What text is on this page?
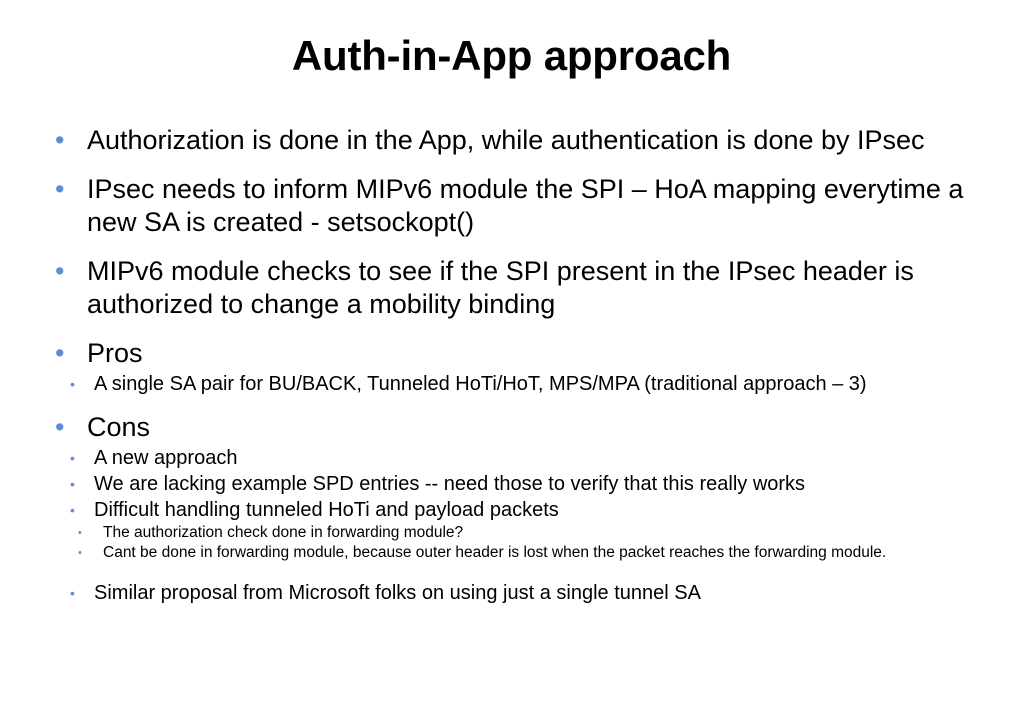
Auth-in-App approach
• Authorization is done in the App, while authentication is done by IPsec
• IPsec needs to inform MIPv6 module the SPI – HoA mapping everytime a new SA is created - setsockopt()
• MIPv6 module checks to see if the SPI present in the IPsec header is authorized to change a mobility binding
• Pros
• A single SA pair for BU/BACK, Tunneled HoTi/HoT, MPS/MPA (traditional approach – 3)
• Cons
• A new approach
• We are lacking example SPD entries -- need those to verify that this really works
• Difficult handling tunneled HoTi and payload packets
• The authorization check done in forwarding module?
• Cant be done in forwarding module, because outer header is lost when the packet reaches the forwarding module.
• Similar proposal from Microsoft folks on using just a single tunnel SA
